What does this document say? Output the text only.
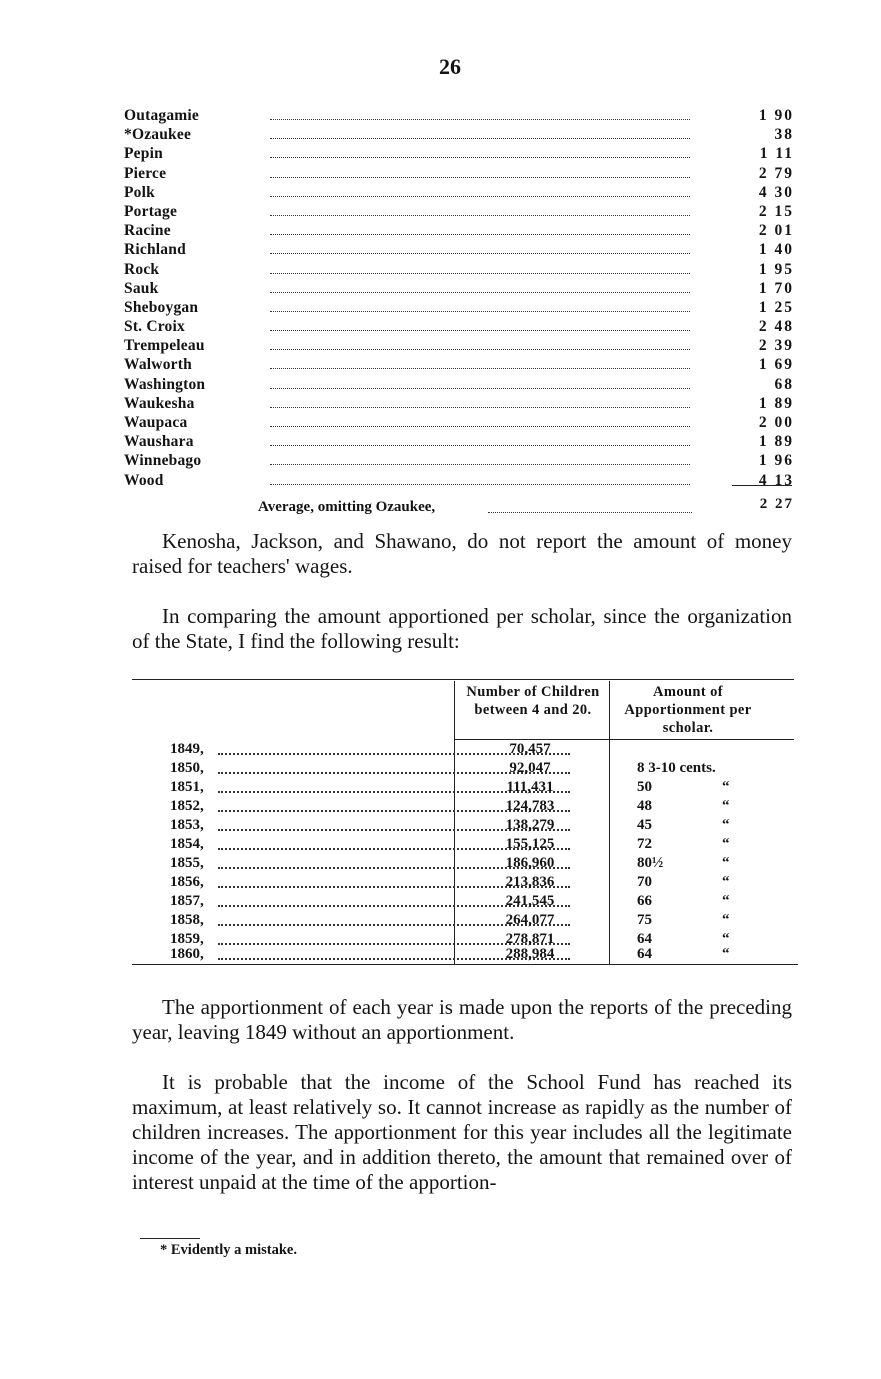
26
Outagamie	1 90
*Ozaukee	38
Pepin	1 11
Pierce	2 79
Polk	4 30
Portage	2 15
Racine	2 01
Richland	1 40
Rock	1 95
Sauk	1 70
Sheboygan	1 25
St. Croix	2 48
Trempeleau	2 39
Walworth	1 69
Washington	68
Waukesha	1 89
Waupaca	2 00
Waushara	1 89
Winnebago	1 96
Wood	4 13
Average, omitting Ozaukee,	2 27

Kenosha, Jackson, and Shawano, do not report the amount of money raised for teachers' wages.

In comparing the amount apportioned per scholar, since the organization of the State, I find the following result:

Number of Children between 4 and 20.
Amount of Apportionment per scholar.
1849,	70,457
1850,	92,047	8 3-10 cents.
1851,	111,431	50	“
1852,	124,783	48	“
1853,	138,279	45	“
1854,	155,125	72	“
1855,	186,960	80½	“
1856,	213,836	70	“
1857,	241,545	66	“
1858,	264,077	75	“
1859,	278,871	64	“
1860,	288,984	64	“

The apportionment of each year is made upon the reports of the preceding year, leaving 1849 without an apportionment.

It is probable that the income of the School Fund has reached its maximum, at least relatively so. It cannot increase as rapidly as the number of children increases. The apportionment for this year includes all the legitimate income of the year, and in addition thereto, the amount that remained over of interest unpaid at the time of the apportion-

* Evidently a mistake.
